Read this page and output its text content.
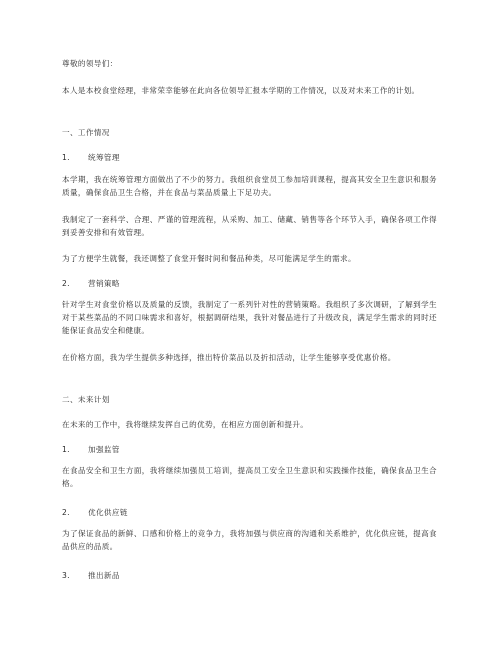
尊敬的领导们：
本人是本校食堂经理，非常荣幸能够在此向各位领导汇报本学期的工作情况，以及对未来工作的计划。
一、工作情况
1. 统筹管理
本学期，我在统筹管理方面做出了不少的努力。我组织食堂员工参加培训课程，提高其安全卫生意识和服务质量，确保食品卫生合格，并在食品与菜品质量上下足功夫。
我制定了一套科学、合理、严谨的管理流程，从采购、加工、储藏、销售等各个环节入手，确保各项工作得到妥善安排和有效管理。
为了方便学生就餐，我还调整了食堂开餐时间和餐品种类，尽可能满足学生的需求。
2. 营销策略
针对学生对食堂价格以及质量的反馈，我制定了一系列针对性的营销策略。我组织了多次调研，了解到学生对于某些菜品的不同口味需求和喜好，根据调研结果，我针对餐品进行了升级改良，满足学生需求的同时还能保证食品安全和健康。
在价格方面，我为学生提供多种选择，推出特价菜品以及折扣活动，让学生能够享受优惠价格。
二、未来计划
在未来的工作中，我将继续发挥自己的优势，在相应方面创新和提升。
1. 加强监管
在食品安全和卫生方面，我将继续加强员工培训，提高员工安全卫生意识和实践操作技能，确保食品卫生合格。
2. 优化供应链
为了保证食品的新鲜、口感和价格上的竞争力，我将加强与供应商的沟通和关系维护，优化供应链，提高食品供应的品质。
3. 推出新品
